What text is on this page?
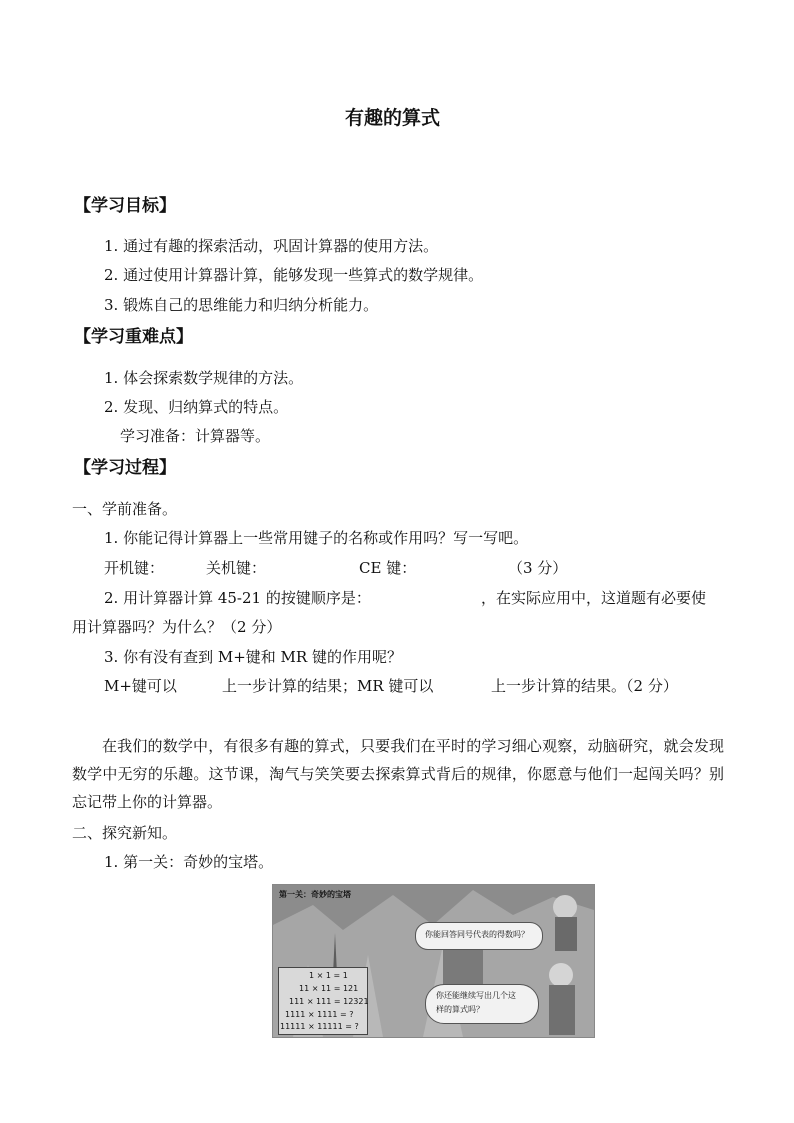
有趣的算式
【学习目标】
1. 通过有趣的探索活动，巩固计算器的使用方法。
2. 通过使用计算器计算，能够发现一些算式的数学规律。
3. 锻炼自己的思维能力和归纳分析能力。
【学习重难点】
1. 体会探索数学规律的方法。
2. 发现、归纳算式的特点。
学习准备：计算器等。
【学习过程】
一、学前准备。
1. 你能记得计算器上一些常用键子的名称或作用吗？写一写吧。
开机键：	关机键：	CE 键：	（3 分）
2. 用计算器计算 45-21 的按键顺序是：	，在实际应用中，这道题有必要使
用计算器吗？为什么？（2 分）
3. 你有没有查到 M+键和 MR 键的作用呢？
M+键可以	上一步计算的结果；MR 键可以	上一步计算的结果。（2 分）
在我们的数学中，有很多有趣的算式，只要我们在平时的学习细心观察，动脑研究，就会发现数学中无穷的乐趣。这节课，淘气与笑笑要去探索算式背后的规律，你愿意与他们一起闯关吗？别忘记带上你的计算器。
二、探究新知。
1. 第一关：奇妙的宝塔。
第一关：奇妙的宝塔
你能回答同号代表的得数吗？
你还能继续写出几个这
样的算式吗？
1 × 1 = 1
11 × 11 = 121
111 × 111 = 12321
1111 × 1111 = ?
11111 × 11111 = ?
